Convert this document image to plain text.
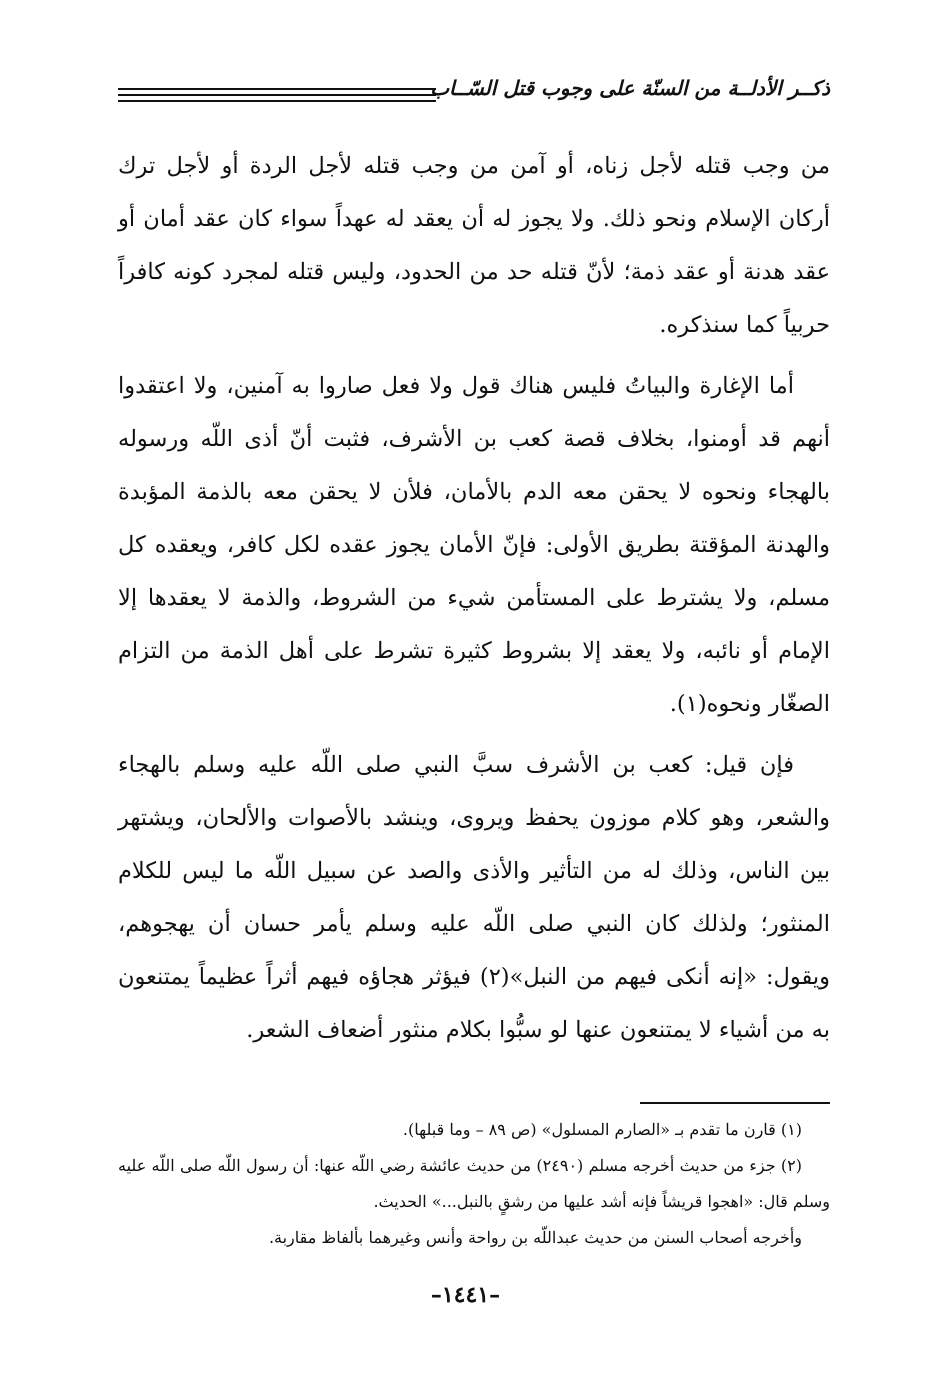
ذكــر الأدلــة من السنّة على وجوب قتل السّــاب

من وجب قتله لأجل زناه، أو آمن من وجب قتله لأجل الردة أو لأجل ترك أركان الإسلام ونحو ذلك. ولا يجوز له أن يعقد له عهداً سواء كان عقد أمان أو عقد هدنة أو عقد ذمة؛ لأنّ قتله حد من الحدود، وليس قتله لمجرد كونه كافراً حربياً كما سنذكره.

أما الإغارة والبياتُ فليس هناك قول ولا فعل صاروا به آمنين، ولا اعتقدوا أنهم قد أومنوا، بخلاف قصة كعب بن الأشرف، فثبت أنّ أذى اللّه ورسوله بالهجاء ونحوه لا يحقن معه الدم بالأمان، فلأن لا يحقن معه بالذمة المؤبدة والهدنة المؤقتة بطريق الأولى: فإنّ الأمان يجوز عقده لكل كافر، ويعقده كل مسلم، ولا يشترط على المستأمن شيء من الشروط، والذمة لا يعقدها إلا الإمام أو نائبه، ولا يعقد إلا بشروط كثيرة تشرط على أهل الذمة من التزام الصغّار ونحوه(١).

فإن قيل: كعب بن الأشرف سبَّ النبي صلى اللّه عليه وسلم بالهجاء والشعر، وهو كلام موزون يحفظ ويروى، وينشد بالأصوات والألحان، ويشتهر بين الناس، وذلك له من التأثير والأذى والصد عن سبيل اللّه ما ليس للكلام المنثور؛ ولذلك كان النبي صلى اللّه عليه وسلم يأمر حسان أن يهجوهم، ويقول: «إنه أنكى فيهم من النبل»(٢) فيؤثر هجاؤه فيهم أثراً عظيماً يمتنعون به من أشياء لا يمتنعون عنها لو سبُّوا بكلام منثور أضعاف الشعر.

(١) قارن ما تقدم بـ «الصارم المسلول» (ص ٨٩ – وما قبلها).

(٢) جزء من حديث أخرجه مسلم (٢٤٩٠) من حديث عائشة رضي اللّه عنها: أن رسول اللّه صلى اللّه عليه وسلم قال: «اهجوا قريشاً فإنه أشد عليها من رشقٍ بالنبل...» الحديث.

وأخرجه أصحاب السنن من حديث عبداللّه بن رواحة وأنس وغيرهما بألفاظ مقاربة.

–١٤٤١–
